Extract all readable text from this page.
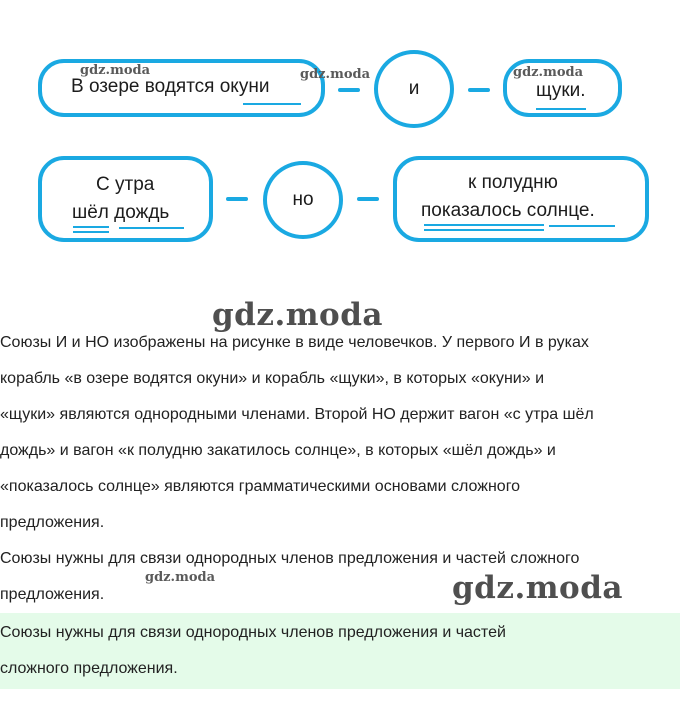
В озере водятся окуни	и	щуки.
С утра
шёл дождь
но
к полудню
показалось солнце.

Союзы И и НО изображены на рисунке в виде человечков. У первого И в руках

корабль «в озере водятся окуни» и корабль «щуки», в которых «окуни» и

«щуки» являются однородными членами. Второй НО держит вагон «с утра шёл

дождь» и вагон «к полудню закатилось солнце», в которых «шёл дождь» и

«показалось солнце» являются грамматическими основами сложного

предложения.

Союзы нужны для связи однородных членов предложения и частей сложного

предложения.

Союзы нужны для связи однородных членов предложения и частей

сложного предложения.

gdz.moda	gdz.moda	gdz.moda
gdz.moda
gdz.moda	gdz.moda
